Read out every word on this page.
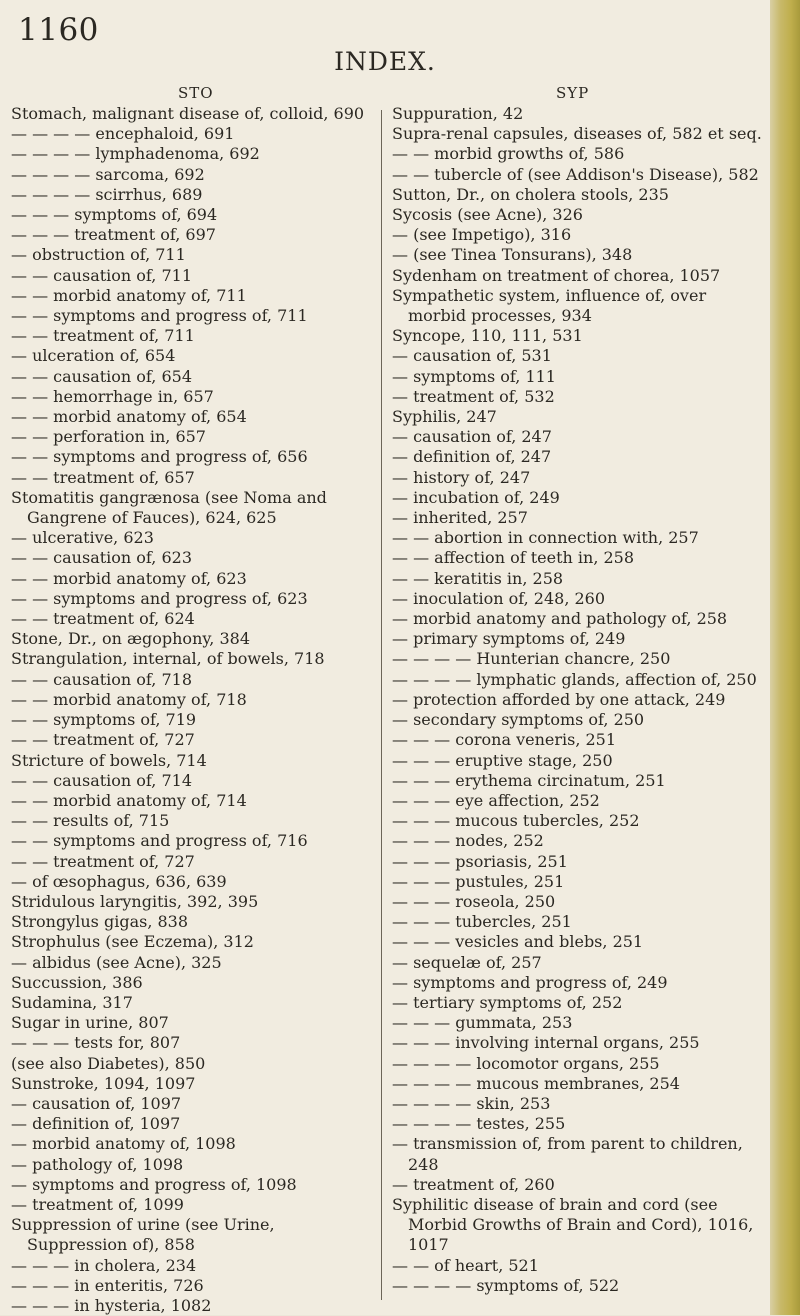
1160
INDEX.
STO	SYP
Stomach, malignant disease of, colloid, 690
— — — — encephaloid, 691
— — — — lymphadenoma, 692
— — — — sarcoma, 692
— — — — scirrhus, 689
— — — symptoms of, 694
— — — treatment of, 697
— obstruction of, 711
— — causation of, 711
— — morbid anatomy of, 711
— — symptoms and progress of, 711
— — treatment of, 711
— ulceration of, 654
— — causation of, 654
— — hemorrhage in, 657
— — morbid anatomy of, 654
— — perforation in, 657
— — symptoms and progress of, 656
— — treatment of, 657
Stomatitis gangrænosa (see Noma and Gangrene of Fauces), 624, 625
— ulcerative, 623
— — causation of, 623
— — morbid anatomy of, 623
— — symptoms and progress of, 623
— — treatment of, 624
Stone, Dr., on ægophony, 384
Strangulation, internal, of bowels, 718
— — causation of, 718
— — morbid anatomy of, 718
— — symptoms of, 719
— — treatment of, 727
Stricture of bowels, 714
— — causation of, 714
— — morbid anatomy of, 714
— — results of, 715
— — symptoms and progress of, 716
— — treatment of, 727
— of œsophagus, 636, 639
Stridulous laryngitis, 392, 395
Strongylus gigas, 838
Strophulus (see Eczema), 312
— albidus (see Acne), 325
Succussion, 386
Sudamina, 317
Sugar in urine, 807
— — — tests for, 807
(see also Diabetes), 850
Sunstroke, 1094, 1097
— causation of, 1097
— definition of, 1097
— morbid anatomy of, 1098
— pathology of, 1098
— symptoms and progress of, 1098
— treatment of, 1099
Suppression of urine (see Urine, Suppression of), 858
— — — in cholera, 234
— — — in enteritis, 726
— — — in hysteria, 1082
Suppuration, 42
Supra-renal capsules, diseases of, 582 et seq.
— — morbid growths of, 586
— — tubercle of (see Addison's Disease), 582
Sutton, Dr., on cholera stools, 235
Sycosis (see Acne), 326
— (see Impetigo), 316
— (see Tinea Tonsurans), 348
Sydenham on treatment of chorea, 1057
Sympathetic system, influence of, over morbid processes, 934
Syncope, 110, 111, 531
— causation of, 531
— symptoms of, 111
— treatment of, 532
Syphilis, 247
— causation of, 247
— definition of, 247
— history of, 247
— incubation of, 249
— inherited, 257
— — abortion in connection with, 257
— — affection of teeth in, 258
— — keratitis in, 258
— inoculation of, 248, 260
— morbid anatomy and pathology of, 258
— primary symptoms of, 249
— — — — Hunterian chancre, 250
— — — — lymphatic glands, affection of, 250
— protection afforded by one attack, 249
— secondary symptoms of, 250
— — — corona veneris, 251
— — — eruptive stage, 250
— — — erythema circinatum, 251
— — — eye affection, 252
— — — mucous tubercles, 252
— — — nodes, 252
— — — psoriasis, 251
— — — pustules, 251
— — — roseola, 250
— — — tubercles, 251
— — — vesicles and blebs, 251
— sequelæ of, 257
— symptoms and progress of, 249
— tertiary symptoms of, 252
— — — gummata, 253
— — — involving internal organs, 255
— — — — locomotor organs, 255
— — — — mucous membranes, 254
— — — — skin, 253
— — — — testes, 255
— transmission of, from parent to children, 248
— treatment of, 260
Syphilitic disease of brain and cord (see Morbid Growths of Brain and Cord), 1016, 1017
— — of heart, 521
— — — — symptoms of, 522
